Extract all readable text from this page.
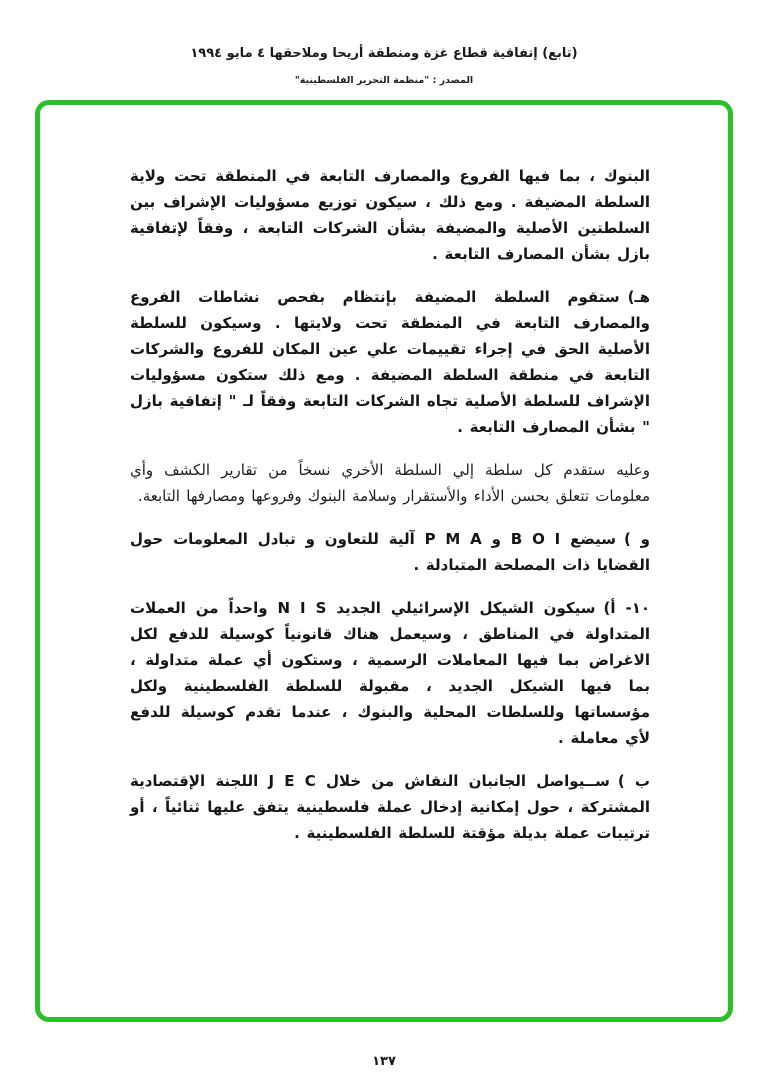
(تابع) إتفاقية قطاع غزة ومنطقة أريحا وملاحقها ٤ مايو ١٩٩٤
المصدر : "منظمة التحرير الفلسطينية"

البنوك ، بما فيها الفروع والمصارف التابعة في المنطقة تحت ولاية السلطة المضيفة . ومع ذلك ، سيكون توزيع مسؤوليات الإشراف بين السلطتين الأصلية والمضيفة بشأن الشركات التابعة ، وفقاً لإتفاقية بازل بشأن المصارف التابعة .

هـ)ستقوم السلطة المضيفة بإنتظام بفحص نشاطات الفروع والمصارف التابعة في المنطقة تحت ولايتها . وسيكون للسلطة الأصلية الحق في إجراء تقييمات علي عين المكان للفروع والشركات التابعة في منطقة السلطة المضيفة . ومع ذلك ستكون مسؤوليات الإشراف للسلطة الأصلية تجاه الشركات التابعة وفقاً لـ " إتفاقية بازل " بشأن المصارف التابعة .

وعليه ستقدم كل سلطة إلي السلطة الأخري نسخاً من تقارير الكشف وأي معلومات تتعلق بحسن الأداء والأستقرار وسلامة البنوك وفروعها ومصارفها التابعة.

و )سيضع B O I و P M A آلية للتعاون و تبادل المعلومات حول القضايا ذات المصلحة المتبادلة .

١٠- أ)سيكون الشيكل الإسرائيلي الجديد N I S واحداً من العملات المتداولة في المناطق ، وسيعمل هناك قانونياً كوسيلة للدفع لكل الاغراض بما فيها المعاملات الرسمية ، وستكون أي عملة متداولة ، بما فيها الشيكل الجديد ، مقبولة للسلطة الفلسطينية ولكل مؤسساتها وللسلطات المحلية والبنوك ، عندما تقدم كوسيلة للدفع لأي معاملة .

ب )ســيواصل الجانبان النقاش من خلال J E C اللجنة الإقتصادية المشتركة ، حول إمكانية إدخال عملة فلسطينية يتفق عليها ثنائياً ، أو ترتيبات عملة بديلة مؤقتة للسلطة الفلسطينية .

١٣٧
